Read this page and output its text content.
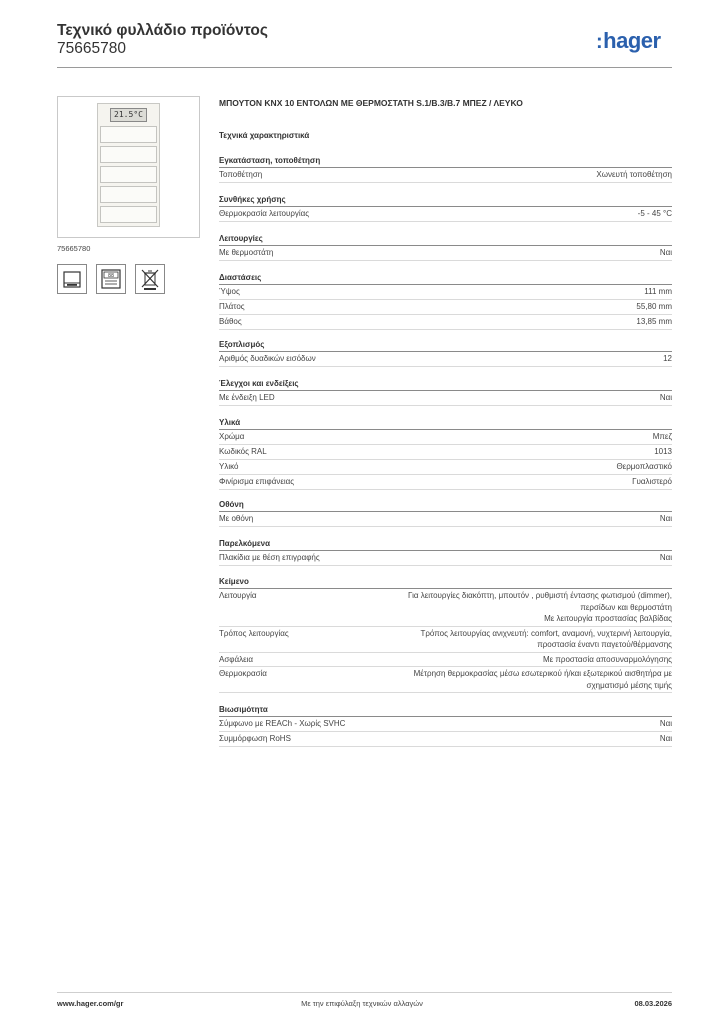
Τεχνικό φυλλάδιο προϊόντος
75665780	:hager
21.5°C
75665780
88
ΜΠΟΥΤΟΝ KNX 10 ΕΝΤΟΛΩΝ ΜΕ ΘΕΡΜΟΣΤΑΤΗ S.1/B.3/B.7 ΜΠΕΖ / ΛΕΥΚΟ
Τεχνικά χαρακτηριστικά
Εγκατάσταση, τοποθέτηση
Τοποθέτηση	Χωνευτή τοποθέτηση
Συνθήκες χρήσης
Θερμοκρασία λειτουργίας	-5 - 45 °C
Λειτουργίες
Με θερμοστάτη	Ναι
Διαστάσεις
Ύψος	111 mm
Πλάτος	55,80 mm
Βάθος	13,85 mm
Εξοπλισμός
Αριθμός δυαδικών εισόδων	12
Έλεγχοι και ενδείξεις
Με ένδειξη LED	Ναι
Υλικά
Χρώμα	Μπεζ
Κωδικός RAL	1013
Υλικό	Θερμοπλαστικό
Φινίρισμα επιφάνειας	Γυαλιστερό
Οθόνη
Με οθόνη	Ναι
Παρελκόμενα
Πλακίδια με θέση επιγραφής	Ναι
Κείμενο
Λειτουργία	Για λειτουργίες διακόπτη, μπουτόν , ρυθμιστή έντασης φωτισμού (dimmer),
περσίδων και θερμοστάτη
Με λειτουργία προστασίας βαλβίδας
Τρόπος λειτουργίας	Τρόπος λειτουργίας ανιχνευτή: comfort, αναμονή, νυχτερινή λειτουργία,
προστασία έναντι παγετού/θέρμανσης
Ασφάλεια	Με προστασία αποσυναρμολόγησης
Θερμοκρασία	Μέτρηση θερμοκρασίας μέσω εσωτερικού ή/και εξωτερικού αισθητήρα με
σχηματισμό μέσης τιμής
Βιωσιμότητα
Σύμφωνο με REACh - Χωρίς SVHC	Ναι
Συμμόρφωση RoHS	Ναι
Με την επιφύλαξη τεχνικών αλλαγών
www.hager.com/gr	08.03.2026
